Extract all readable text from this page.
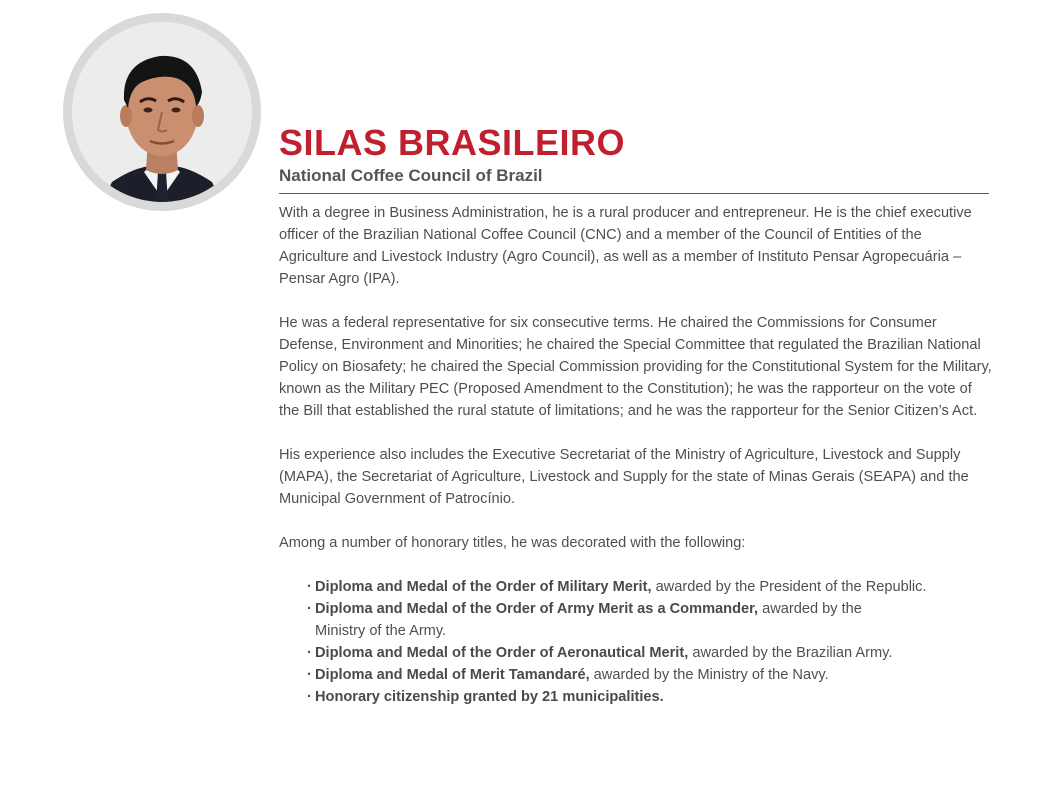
SILAS BRASILEIRO
National Coffee Council of Brazil

With a degree in Business Administration, he is a rural producer and entrepreneur. He is the chief executive officer of the Brazilian National Coffee Council (CNC) and a member of the Council of Entities of the Agriculture and Livestock Industry (Agro Council), as well as a member of Instituto Pensar Agropecuária – Pensar Agro (IPA).

He was a federal representative for six consecutive terms. He chaired the Commissions for Consumer Defense, Environment and Minorities; he chaired the Special Committee that regulated the Brazilian National Policy on Biosafety; he chaired the Special Commission providing for the Constitutional System for the Military, known as the Military PEC (Proposed Amendment to the Constitution); he was the rapporteur on the vote of the Bill that established the rural statute of limitations; and he was the rapporteur for the Senior Citizen’s Act.

His experience also includes the Executive Secretariat of the Ministry of Agriculture, Livestock and Supply (MAPA), the Secretariat of Agriculture, Livestock and Supply for the state of Minas Gerais (SEAPA) and the Municipal Government of Patrocínio.

Among a number of honorary titles, he was decorated with the following:

· Diploma and Medal of the Order of Military Merit, awarded by the President of the Republic.
· Diploma and Medal of the Order of Army Merit as a Commander, awarded by the
Ministry of the Army.
· Diploma and Medal of the Order of Aeronautical Merit, awarded by the Brazilian Army.
· Diploma and Medal of Merit Tamandaré, awarded by the Ministry of the Navy.
· Honorary citizenship granted by 21 municipalities.
